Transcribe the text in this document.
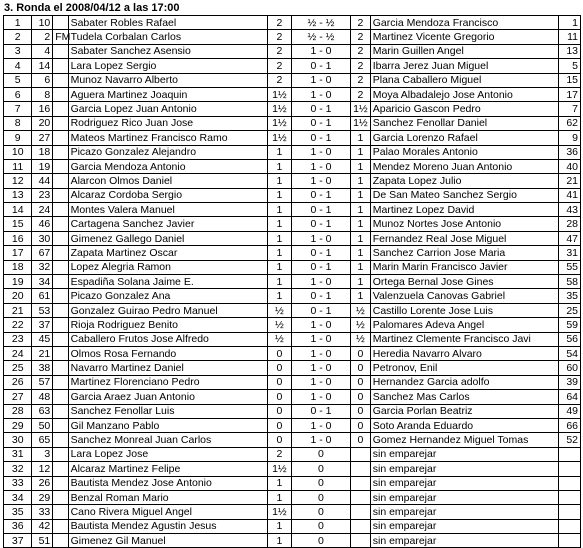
3. Ronda el 2008/04/12 a las 17:00
1	10		Sabater Robles Rafael	2	½ - ½	2	Garcia Mendoza Francisco	1
2	2	FM	Tudela Corbalan Carlos	2	½ - ½	2	Martinez Vicente Gregorio	11
3	4		Sabater Sanchez Asensio	2	1 - 0	2	Marin Guillen Angel	13
4	14		Lara Lopez Sergio	2	0 - 1	2	Ibarra Jerez Juan Miguel	5
5	6		Munoz Navarro Alberto	2	1 - 0	2	Plana Caballero Miguel	15
6	8		Aguera Martinez Joaquin	1½	1 - 0	2	Moya Albadalejo Jose Antonio	17
7	16		Garcia Lopez Juan Antonio	1½	0 - 1	1½	Aparicio Gascon Pedro	7
8	20		Rodriguez Rico Juan Jose	1½	0 - 1	1½	Sanchez Fenollar Daniel	62
9	27		Mateos Martinez Francisco Ramo	1½	0 - 1	1	Garcia Lorenzo Rafael	9
10	18		Picazo Gonzalez Alejandro	1	1 - 0	1	Palao Morales Antonio	36
11	19		Garcia Mendoza Antonio	1	1 - 0	1	Mendez Moreno Juan Antonio	40
12	44		Alarcon Olmos Daniel	1	1 - 0	1	Zapata Lopez Julio	21
13	23		Alcaraz Cordoba Sergio	1	0 - 1	1	De San Mateo Sanchez Sergio	41
14	24		Montes Valera Manuel	1	0 - 1	1	Martinez Lopez David	43
15	46		Cartagena Sanchez Javier	1	0 - 1	1	Munoz Nortes Jose Antonio	28
16	30		Gimenez Gallego Daniel	1	1 - 0	1	Fernandez Real Jose Miguel	47
17	67		Zapata Martinez Oscar	1	0 - 1	1	Sanchez Carrion Jose Maria	31
18	32		Lopez Alegria Ramon	1	0 - 1	1	Marin Marin Francisco Javier	55
19	34		Espadiña Solana Jaime E.	1	1 - 0	1	Ortega Bernal Jose Gines	58
20	61		Picazo Gonzalez Ana	1	0 - 1	1	Valenzuela Canovas Gabriel	35
21	53		Gonzalez Guirao Pedro Manuel	½	0 - 1	½	Castillo Lorente Jose Luis	25
22	37		Rioja Rodriguez Benito	½	1 - 0	½	Palomares Adeva Angel	59
23	45		Caballero Frutos Jose Alfredo	½	1 - 0	½	Martinez Clemente Francisco Javi	56
24	21		Olmos Rosa Fernando	0	1 - 0	0	Heredia Navarro Alvaro	54
25	38		Navarro Martinez Daniel	0	1 - 0	0	Petronov, Enil	60
26	57		Martinez Florenciano Pedro	0	1 - 0	0	Hernandez Garcia adolfo	39
27	48		Garcia Araez Juan Antonio	0	1 - 0	0	Sanchez Mas Carlos	64
28	63		Sanchez Fenollar Luis	0	0 - 1	0	Garcia Porlan Beatriz	49
29	50		Gil Manzano Pablo	0	1 - 0	0	Soto Aranda Eduardo	66
30	65		Sanchez Monreal Juan Carlos	0	1 - 0	0	Gomez Hernandez Miguel Tomas	52
31	3		Lara Lopez Jose	2	0		sin emparejar	
32	12		Alcaraz Martinez Felipe	1½	0		sin emparejar	
33	26		Bautista Mendez Jose Antonio	1	0		sin emparejar	
34	29		Benzal Roman Mario	1	0		sin emparejar	
35	33		Cano Rivera Miguel Angel	1½	0		sin emparejar	
36	42		Bautista Mendez Agustin Jesus	1	0		sin emparejar	
37	51		Gimenez Gil Manuel	1	0		sin emparejar	
